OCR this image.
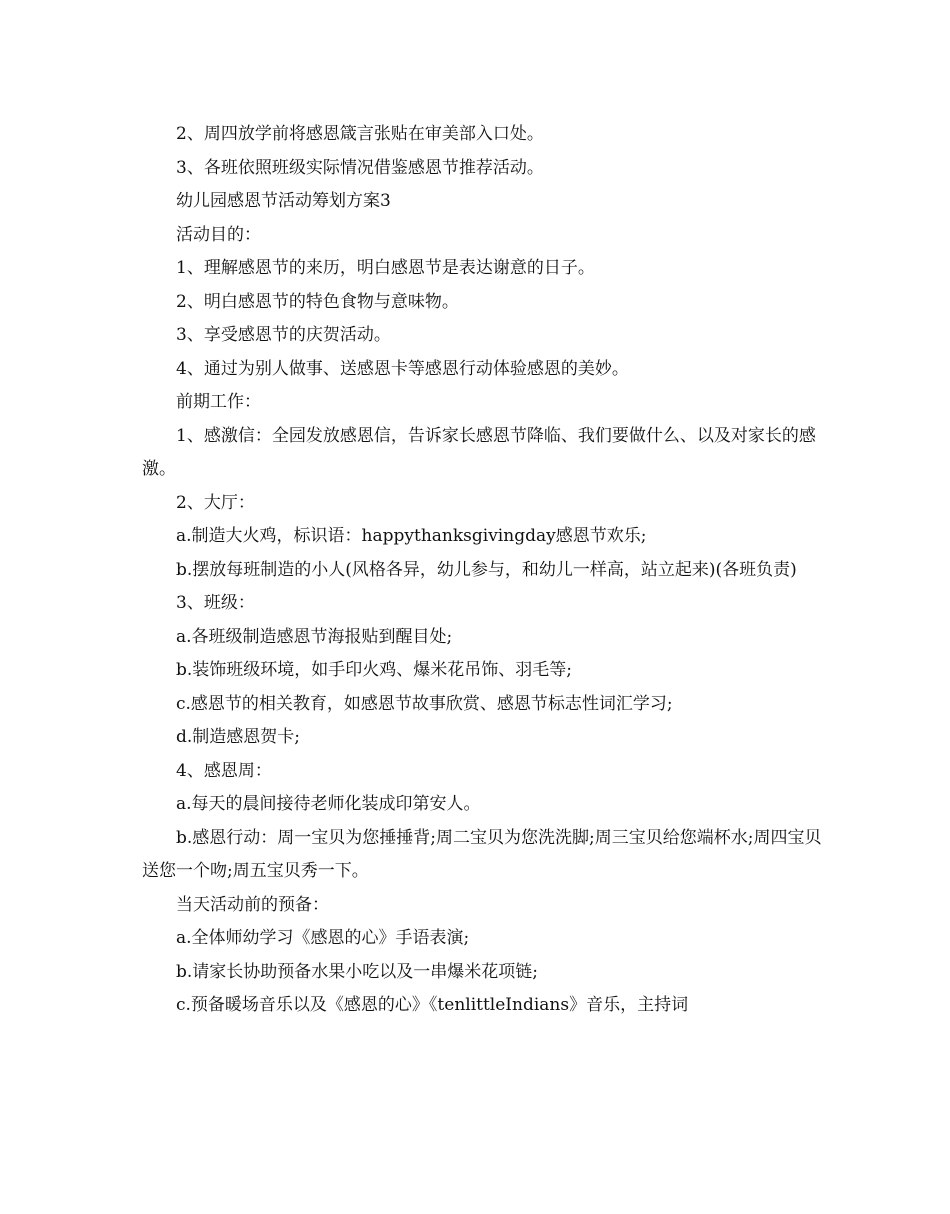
2、周四放学前将感恩箴言张贴在审美部入口处。

3、各班依照班级实际情况借鉴感恩节推荐活动。

幼儿园感恩节活动筹划方案3

活动目的：

1、理解感恩节的来历，明白感恩节是表达谢意的日子。

2、明白感恩节的特色食物与意味物。

3、享受感恩节的庆贺活动。

4、通过为别人做事、送感恩卡等感恩行动体验感恩的美妙。

前期工作：

1、感激信：全园发放感恩信，告诉家长感恩节降临、我们要做什么、以及对家长的感激。

2、大厅：

a.制造大火鸡，标识语：happythanksgivingday感恩节欢乐;

b.摆放每班制造的小人(风格各异，幼儿参与，和幼儿一样高，站立起来)(各班负责)

3、班级：

a.各班级制造感恩节海报贴到醒目处;

b.装饰班级环境，如手印火鸡、爆米花吊饰、羽毛等;

c.感恩节的相关教育，如感恩节故事欣赏、感恩节标志性词汇学习;

d.制造感恩贺卡;

4、感恩周：

a.每天的晨间接待老师化装成印第安人。

b.感恩行动：周一宝贝为您捶捶背;周二宝贝为您洗洗脚;周三宝贝给您端杯水;周四宝贝送您一个吻;周五宝贝秀一下。

当天活动前的预备：

a.全体师幼学习《感恩的心》手语表演;

b.请家长协助预备水果小吃以及一串爆米花项链;

c.预备暖场音乐以及《感恩的心》《tenlittleIndians》音乐，主持词
